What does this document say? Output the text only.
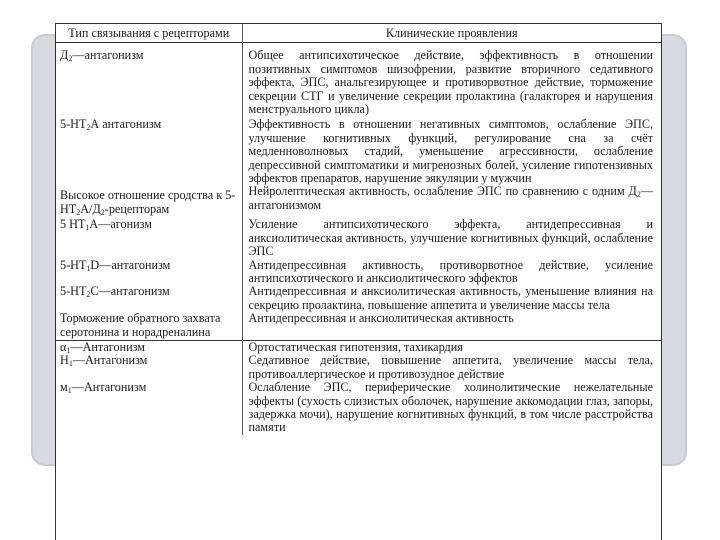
Тип связывания с рецепторами	Клинические проявления
$Д_2—антагонизм$	Общее антипсихотическое действие, эффективность в отношении позитивных симптомов шизофрении, развитие вторичного седативного эффекта, ЭПС, анальгезирующее и противорвотное действие, торможение секреции СТГ и увеличение секреции пролактина (галакторея и нарушения менструального цикла)
$5-НТ_2А$ антагонизм	Эффективность в отношении негативных симптомов, ослабление ЭПС, улучшение когнитивных функций, регулирование сна за счёт медленноволновых стадий, уменьшение агрессивности, ослабление депрессивной симптоматики и мигренозных болей, усиление гипотензивных эффектов препаратов, нарушение эякуляции у мужчин
Высокое отношение сродства к $5-НТ_2А/Д_2$-рецепторам	Нейролептическая активность, ослабление ЭПС по сравнению с одним $Д_2—антагонизмом$
5 $НТ_1А—агонизм$	Усиление антипсихотического эффекта, антидепрессивная и анксиолитическая активность, улучшение когнитивных функций, ослабление ЭПС
$5-НТ_1D—антагонизм$	Антидепрессивная активность, противорвотное действие, усиление антипсихотического и анксиолитического эффектов
$5-НТ_2С—антагонизм$	Антидепрессивная и анксиолитическая активность, уменьшение влияния на секрецию пролактина, повышение аппетита и увеличение массы тела
Торможение обратного захвата серотонина и норадреналина	Антидепрессивная и анксиолитическая активность
$\alpha_1—Антагонизм$	Ортостатическая гипотензия, тахикардия
$Н_1—Антагонизм$	Седативное действие, повышение аппетита, увеличение массы тела, противоаллергическое и противозудное действие
$м_1—Антагонизм$	Ослабление ЭПС, периферические холинолитические нежелательные эффекты (сухость слизистых оболочек, нарушение аккомодации глаз, запоры, задержка мочи), нарушение когнитивных функций, в том числе расстройства памяти
